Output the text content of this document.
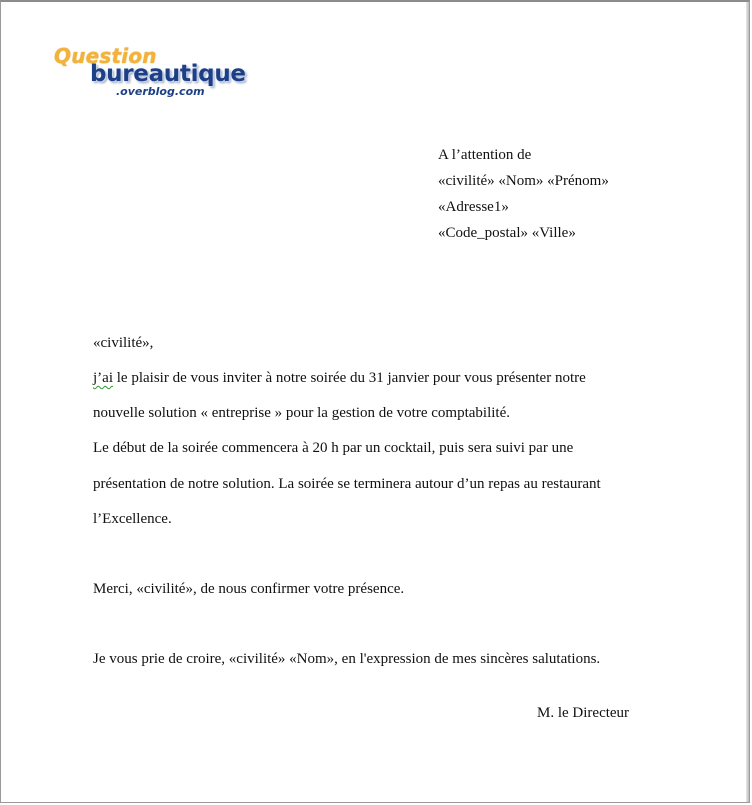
Question
bureautique
.overblog.com
A l’attention de
«civilité» «Nom» «Prénom»
«Adresse1»
«Code_postal» «Ville»
«civilité»,
j’ai le plaisir de vous inviter à notre soirée du 31 janvier pour vous présenter notre
nouvelle solution « entreprise » pour la gestion de votre comptabilité.
Le début de la soirée commencera à 20 h par un cocktail, puis sera suivi par une
présentation de notre solution. La soirée se terminera autour d’un repas au restaurant
l’Excellence.
Merci, «civilité», de nous confirmer votre présence.
Je vous prie de croire, «civilité» «Nom», en l'expression de mes sincères salutations.
M. le Directeur
